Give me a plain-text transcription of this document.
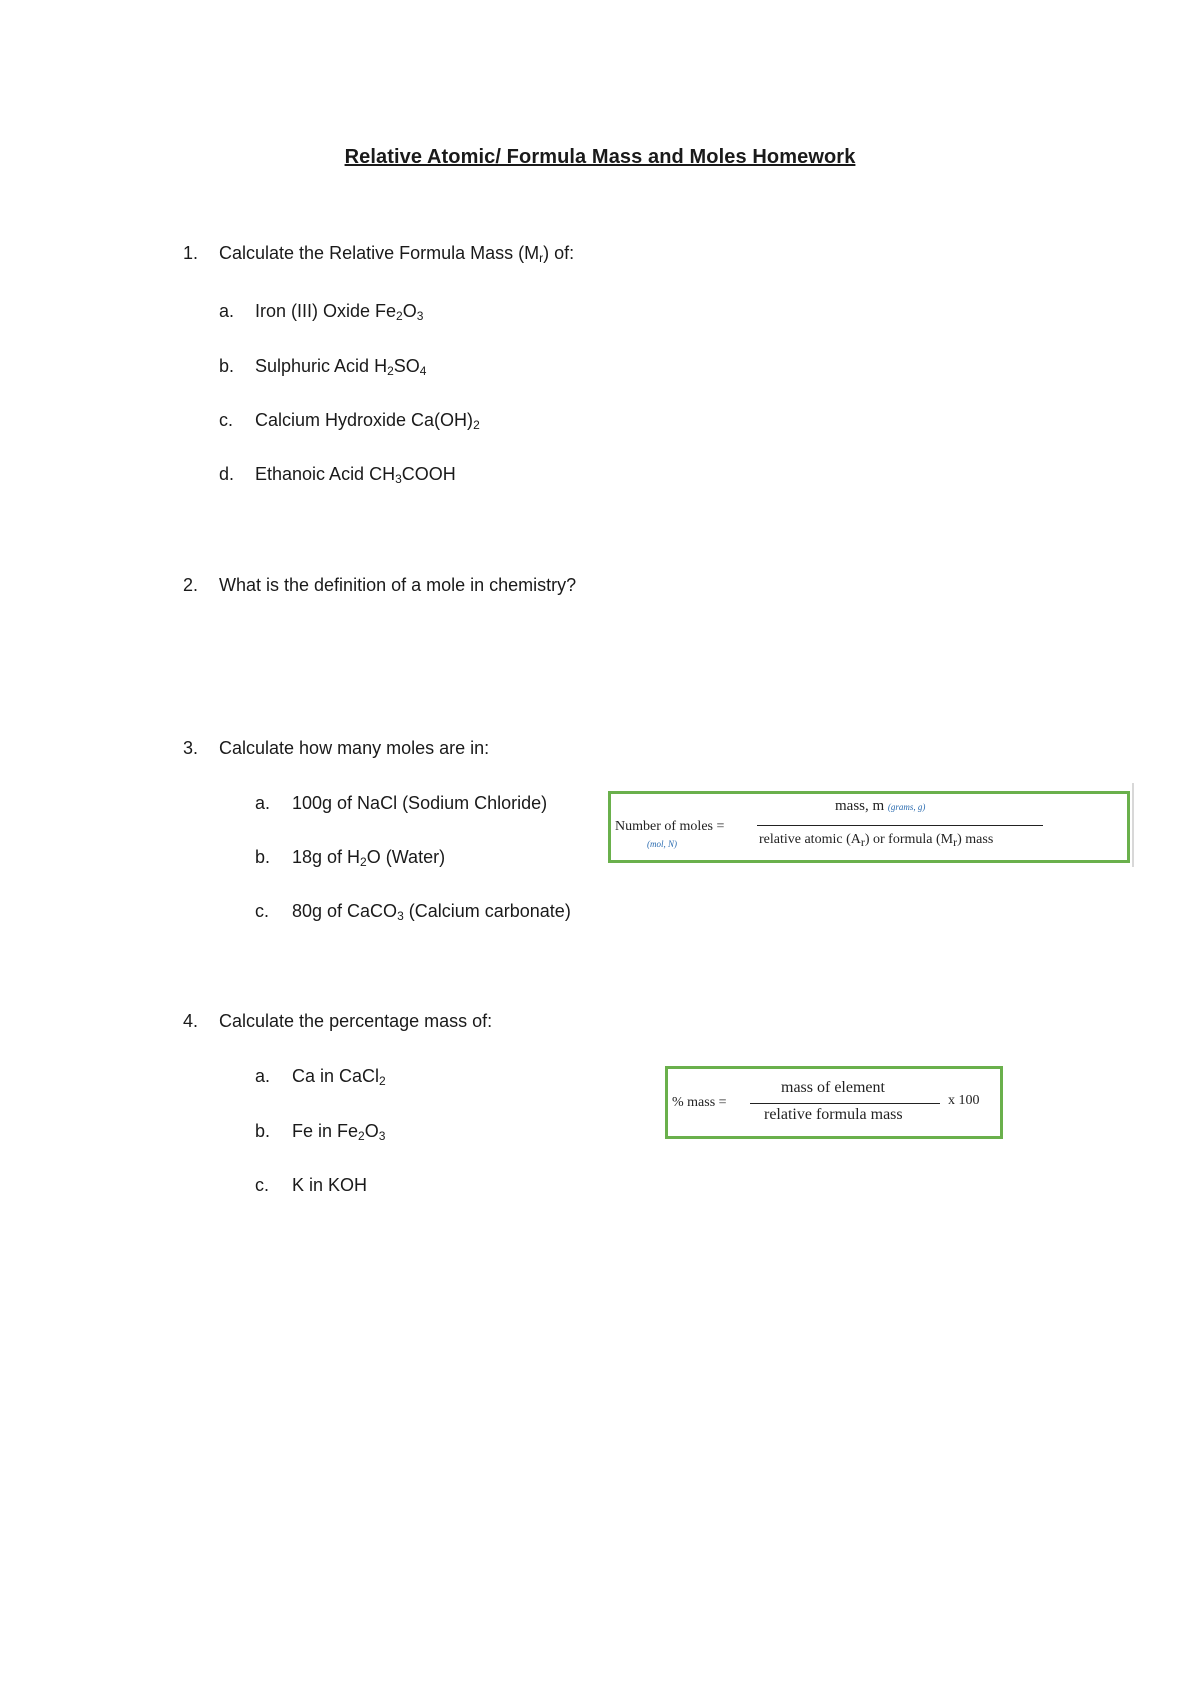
Relative Atomic/ Formula Mass and Moles Homework
1. Calculate the Relative Formula Mass $(M_r)$ of:
a. Iron (III) Oxide $Fe_2O_3$
b. Sulphuric Acid $H_2SO_4$
c. Calcium Hydroxide $Ca(OH)_2$
d. Ethanoic Acid $CH_3COOH$
2. What is the definition of a mole in chemistry?
3. Calculate how many moles are in:
a. 100g of NaCl (Sodium Chloride)
b. 18g of $H_2O$ (Water)
c. 80g of CaCO$_3$ (Calcium carbonate)
Number of moles =
(mol, N)
mass, m (grams, g)
relative atomic $(A_r)$ or formula $(M_r)$ mass
4. Calculate the percentage mass of:
a. Ca in CaCl$_2$
b. Fe in $Fe_2O_3$
c. K in KOH
% mass =
mass of element
relative formula mass
x 100
